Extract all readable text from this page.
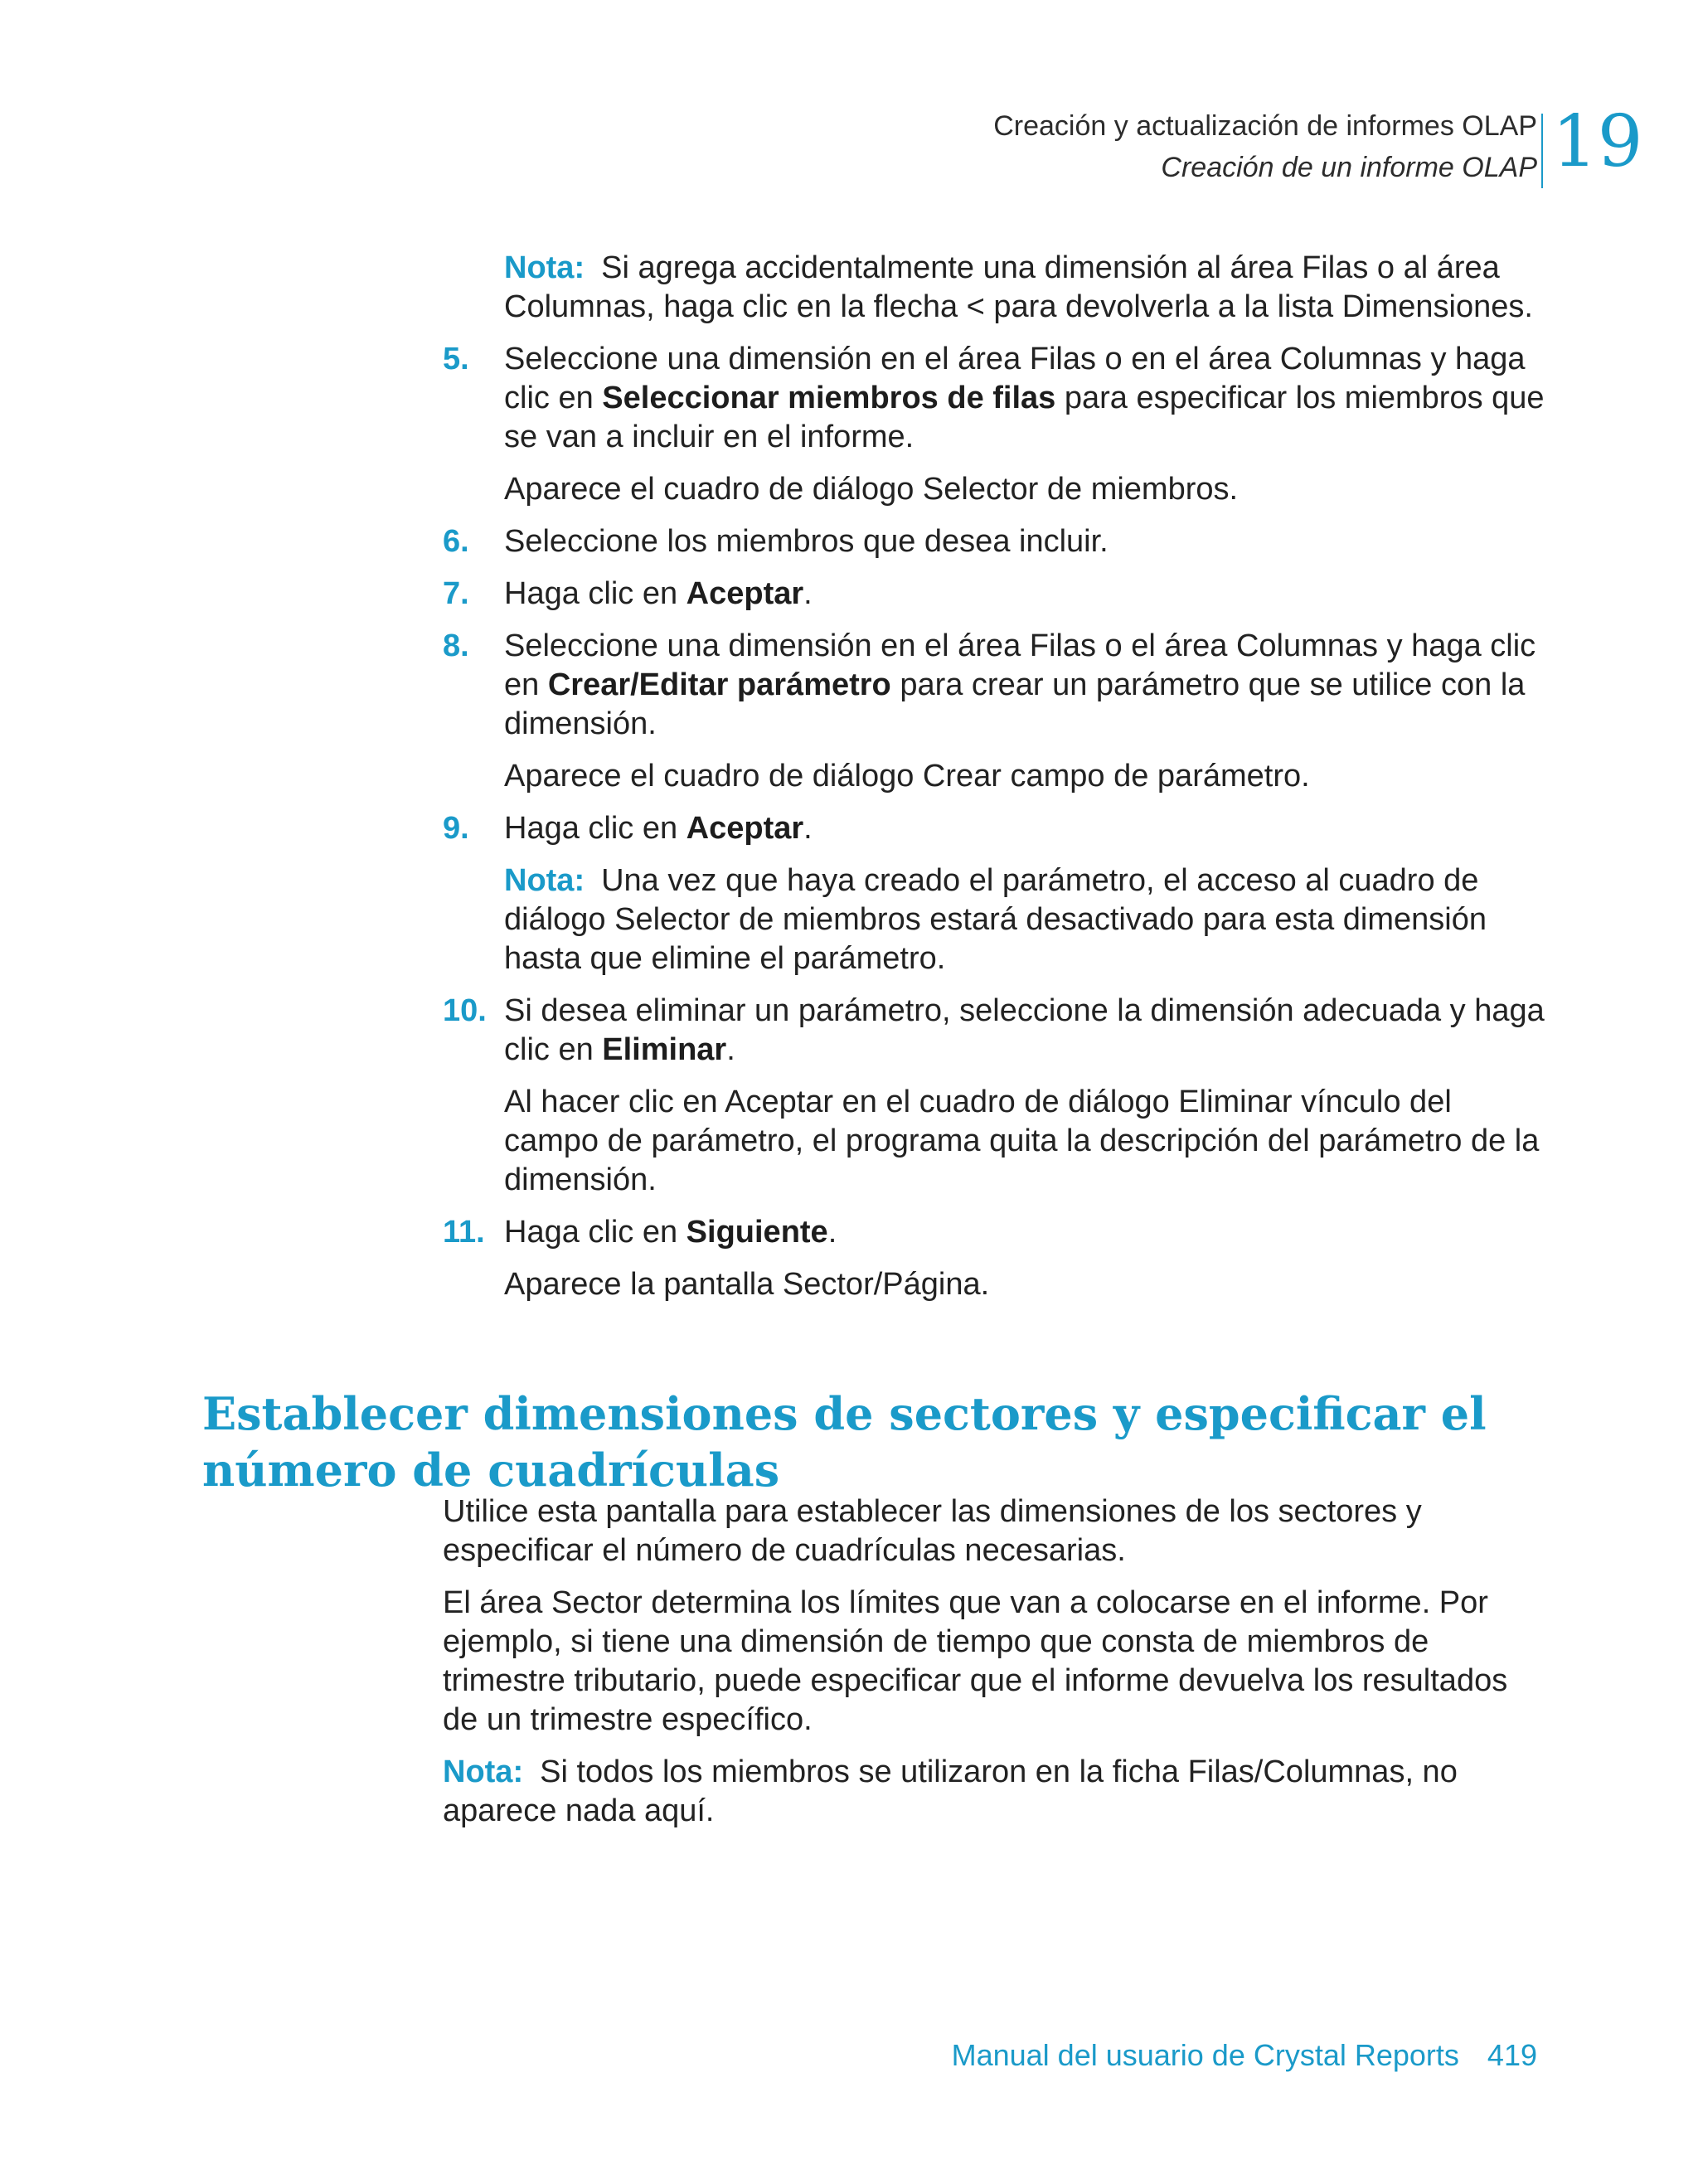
Creación y actualización de informes OLAP
Creación de un informe OLAP 19
Nota: Si agrega accidentalmente una dimensión al área Filas o al área Columnas, haga clic en la flecha < para devolverla a la lista Dimensiones.
5. Seleccione una dimensión en el área Filas o en el área Columnas y haga clic en Seleccionar miembros de filas para especificar los miembros que se van a incluir en el informe.
Aparece el cuadro de diálogo Selector de miembros.
6. Seleccione los miembros que desea incluir.
7. Haga clic en Aceptar.
8. Seleccione una dimensión en el área Filas o el área Columnas y haga clic en Crear/Editar parámetro para crear un parámetro que se utilice con la dimensión.
Aparece el cuadro de diálogo Crear campo de parámetro.
9. Haga clic en Aceptar.
Nota: Una vez que haya creado el parámetro, el acceso al cuadro de diálogo Selector de miembros estará desactivado para esta dimensión hasta que elimine el parámetro.
10. Si desea eliminar un parámetro, seleccione la dimensión adecuada y haga clic en Eliminar.
Al hacer clic en Aceptar en el cuadro de diálogo Eliminar vínculo del campo de parámetro, el programa quita la descripción del parámetro de la dimensión.
11. Haga clic en Siguiente.
Aparece la pantalla Sector/Página.
Establecer dimensiones de sectores y especificar el número de cuadrículas
Utilice esta pantalla para establecer las dimensiones de los sectores y especificar el número de cuadrículas necesarias.
El área Sector determina los límites que van a colocarse en el informe. Por ejemplo, si tiene una dimensión de tiempo que consta de miembros de trimestre tributario, puede especificar que el informe devuelva los resultados de un trimestre específico.
Nota: Si todos los miembros se utilizaron en la ficha Filas/Columnas, no aparece nada aquí.
Manual del usuario de Crystal Reports 419
